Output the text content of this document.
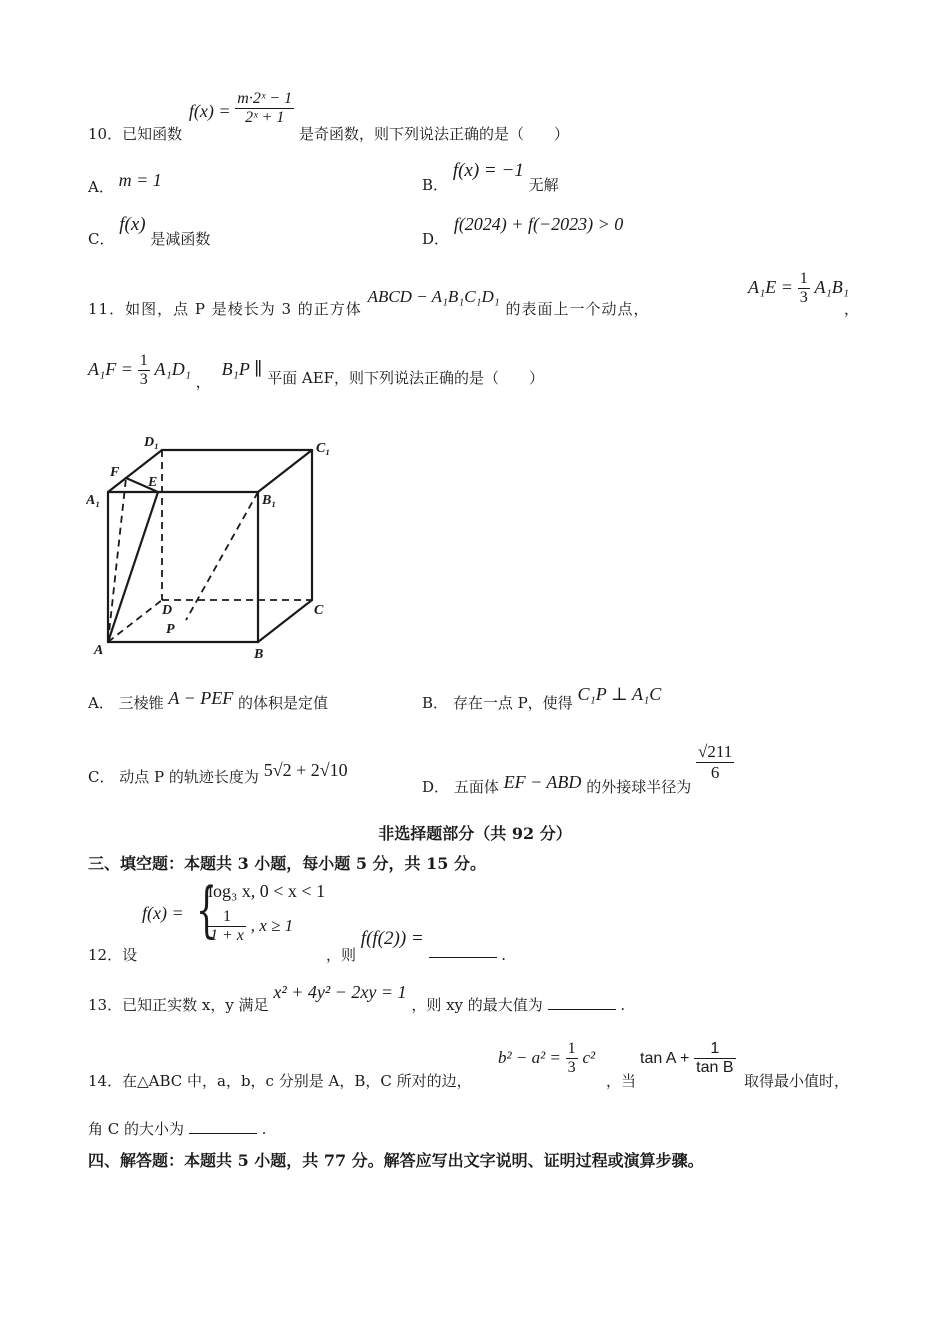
10．已知函数 $f(x) = \frac{\text{m·2ˣ − 1}}{\text{2ˣ + 1}}$
是奇函数，则下列说法正确的是（　　）
A． m = 1	B． f(x) = −1 无解
C． f(x) 是减函数	D． f(2024) + f(−2023) > 0
11．如图，点 P 是棱长为 3 的正方体 ABCD − A₁B₁C₁D₁ 的表面上一个动点，
$A_1E = \frac{1}{3} A_1B_1$
，
$A_1F = \frac{1}{3} A_1D_1$ ， B₁P ∥ 平面 AEF，则下列说法正确的是（　　）
D₁	C₁
F
E
A₁	B₁
D	C
P
A	B
A． 三棱锥 A − PEF 的体积是定值	B． 存在一点 P，使得 C₁P ⊥ A₁C
C． 动点 P 的轨迹长度为 5√2 + 2√10
D． 五面体 EF − ABD 的外接球半径为
$\frac{√211}{6}$
非选择题部分（共 92 分）
三、填空题：本题共 3 小题，每小题 5 分，共 15 分。
12．设
f(x) = {
log₃ x, 0 < x < 1
$\frac{1}{1 + x}$ , x ≥ 1
，则 f(f(2)) =  .
13．已知正实数 x，y 满足 x² + 4y² − 2xy = 1 ，则 xy 的最大值为	.
14．在△ABC 中，a，b，c 分别是 A，B，C 所对的边，
$b^2 - a^2 = \frac{1}{3} c^2$
，当
$\tan A + \frac{1}{\text{tan B}}$
取得最小值时，
角 C 的大小为	.
四、解答题：本题共 5 小题，共 77 分。解答应写出文字说明、证明过程或演算步骤。
